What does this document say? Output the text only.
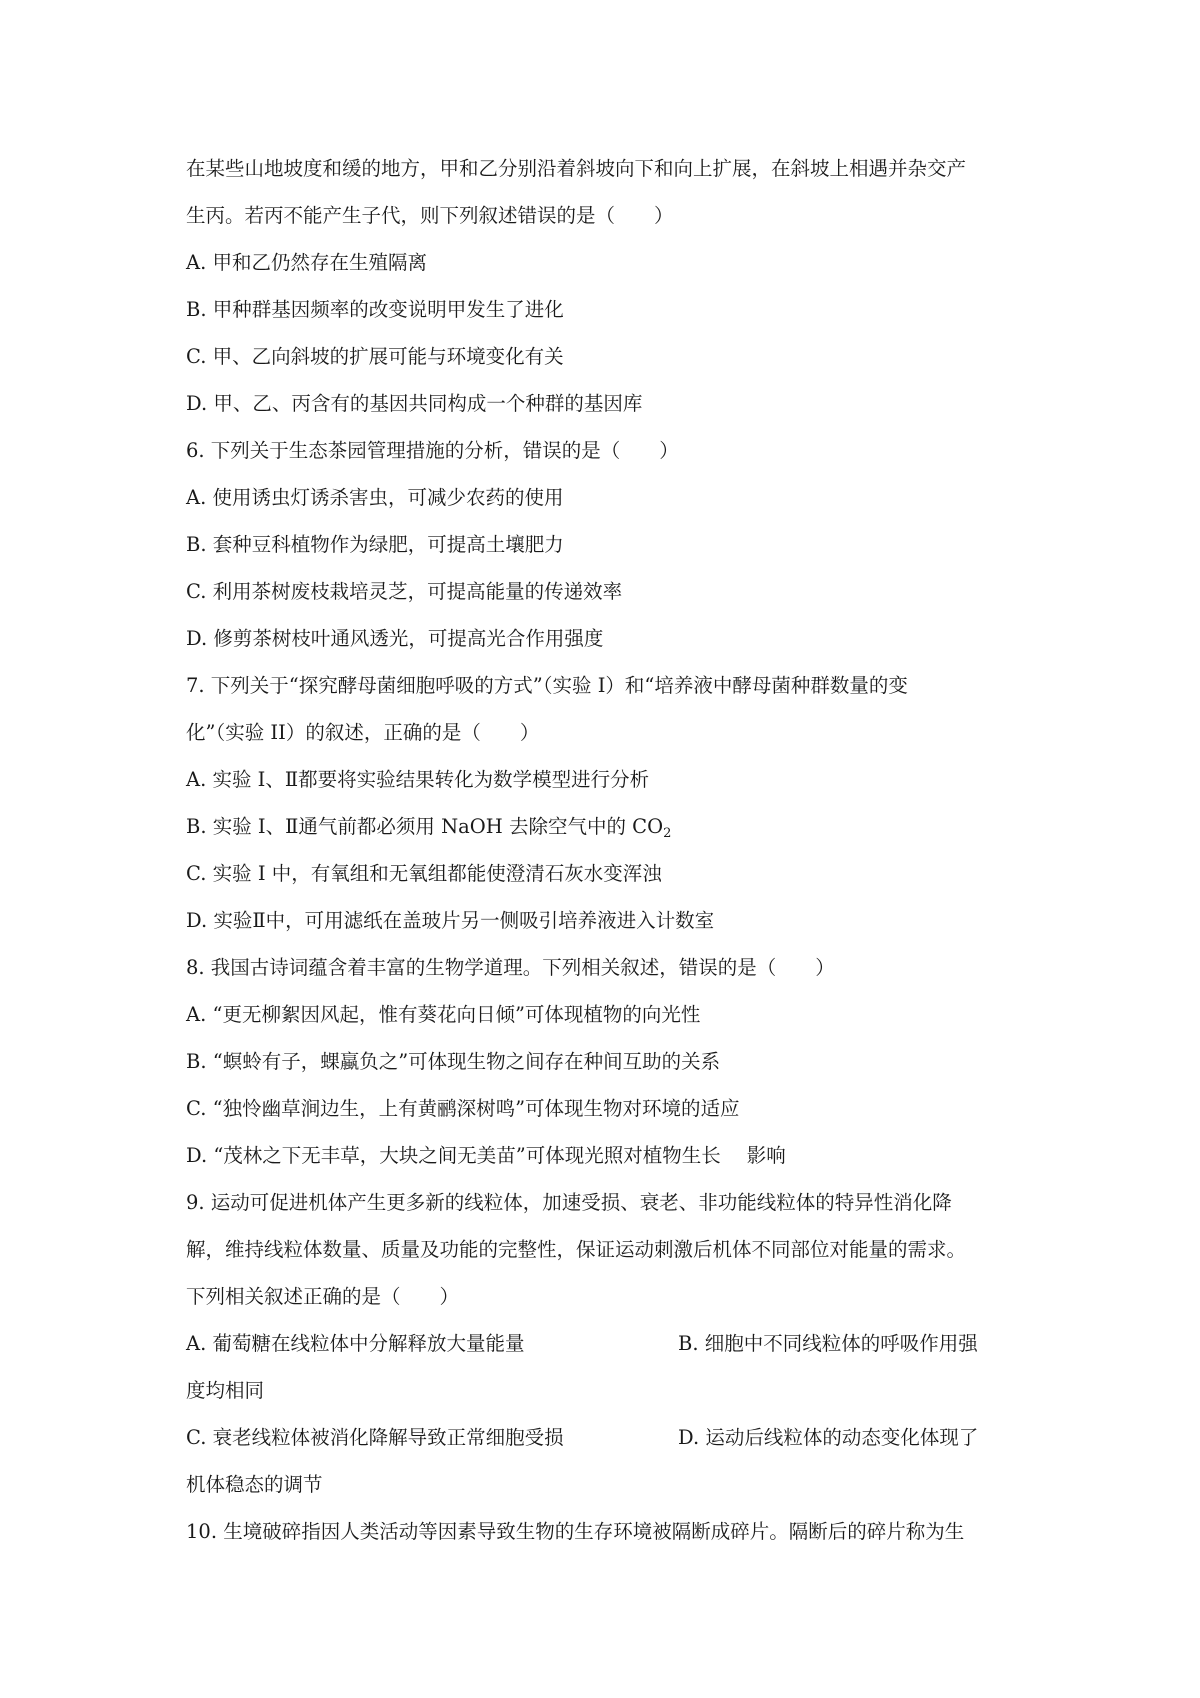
在某些山地坡度和缓的地方，甲和乙分别沿着斜坡向下和向上扩展，在斜坡上相遇并杂交产
生丙。若丙不能产生子代，则下列叙述错误的是（　　）
A. 甲和乙仍然存在生殖隔离
B. 甲种群基因频率的改变说明甲发生了进化
C. 甲、乙向斜坡的扩展可能与环境变化有关
D. 甲、乙、丙含有的基因共同构成一个种群的基因库
6. 下列关于生态茶园管理措施的分析，错误的是（　　）
A. 使用诱虫灯诱杀害虫，可减少农药的使用
B. 套种豆科植物作为绿肥，可提高土壤肥力
C. 利用茶树废枝栽培灵芝，可提高能量的传递效率
D. 修剪茶树枝叶通风透光，可提高光合作用强度
7. 下列关于“探究酵母菌细胞呼吸的方式”（实验 I）和“培养液中酵母菌种群数量的变
化”（实验 II）的叙述，正确的是（　　）
A. 实验 I、Ⅱ都要将实验结果转化为数学模型进行分析
B. 实验 I、Ⅱ通气前都必须用 NaOH 去除空气中的 $CO_2$
C. 实验 I 中，有氧组和无氧组都能使澄清石灰水变浑浊
D. 实验Ⅱ中，可用滤纸在盖玻片另一侧吸引培养液进入计数室
8. 我国古诗词蕴含着丰富的生物学道理。下列相关叙述，错误的是（　　）
A. “更无柳絮因风起，惟有葵花向日倾”可体现植物的向光性
B. “螟蛉有子，蜾蠃负之”可体现生物之间存在种间互助的关系
C. “独怜幽草涧边生，上有黄鹂深树鸣”可体现生物对环境的适应
D. “茂林之下无丰草，大块之间无美苗”可体现光照对植物生长 影响
9. 运动可促进机体产生更多新的线粒体，加速受损、衰老、非功能线粒体的特异性消化降
解，维持线粒体数量、质量及功能的完整性，保证运动刺激后机体不同部位对能量的需求。
下列相关叙述正确的是（　　）
A. 葡萄糖在线粒体中分解释放大量能量	B. 细胞中不同线粒体的呼吸作用强
度均相同
C. 衰老线粒体被消化降解导致正常细胞受损	D. 运动后线粒体的动态变化体现了
机体稳态的调节
10. 生境破碎指因人类活动等因素导致生物的生存环境被隔断成碎片。隔断后的碎片称为生
